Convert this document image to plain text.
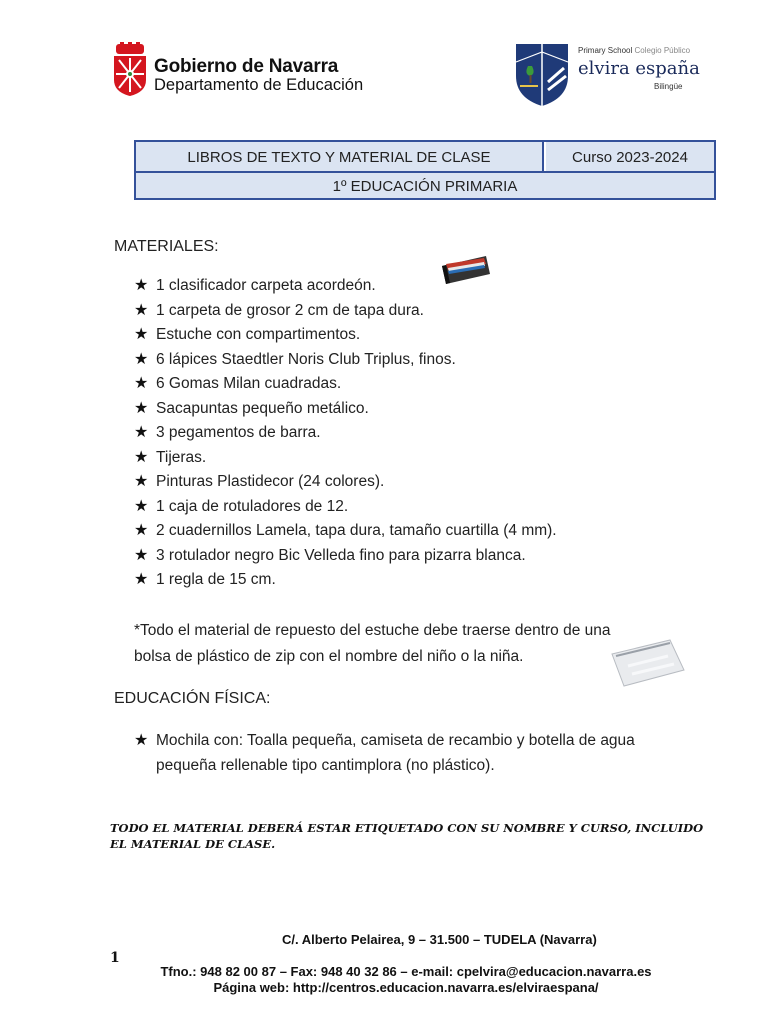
Gobierno de Navarra
Departamento de Educación
Primary School Colegio Público
elvira españa
Bilingüe
LIBROS DE TEXTO Y MATERIAL DE CLASE	Curso 2023-2024
1º EDUCACIÓN PRIMARIA
MATERIALES:
★ 1 clasificador carpeta acordeón.
★ 1 carpeta de grosor 2 cm de tapa dura.
★ Estuche con compartimentos.
★ 6 lápices Staedtler Noris Club Triplus, finos.
★ 6 Gomas Milan cuadradas.
★ Sacapuntas pequeño metálico.
★ 3 pegamentos de barra.
★ Tijeras.
★ Pinturas Plastidecor (24 colores).
★ 1 caja de rotuladores de 12.
★ 2 cuadernillos Lamela, tapa dura, tamaño cuartilla (4 mm).
★ 3 rotulador negro Bic Velleda fino para pizarra blanca.
★ 1 regla de 15 cm.
*Todo el material de repuesto del estuche debe traerse dentro de una
bolsa de plástico de zip con el nombre del niño o la niña.
EDUCACIÓN FÍSICA:
★ Mochila con: Toalla pequeña, camiseta de recambio y botella de agua
pequeña rellenable tipo cantimplora (no plástico).
TODO EL MATERIAL DEBERÁ ESTAR ETIQUETADO CON SU NOMBRE Y CURSO, INCLUIDO
EL MATERIAL DE CLASE.
C/. Alberto Pelairea, 9 – 31.500 – TUDELA (Navarra)
1
Tfno.: 948 82 00 87 – Fax: 948 40 32 86 – e-mail: cpelvira@educacion.navarra.es
Página web: http://centros.educacion.navarra.es/elviraespana/
